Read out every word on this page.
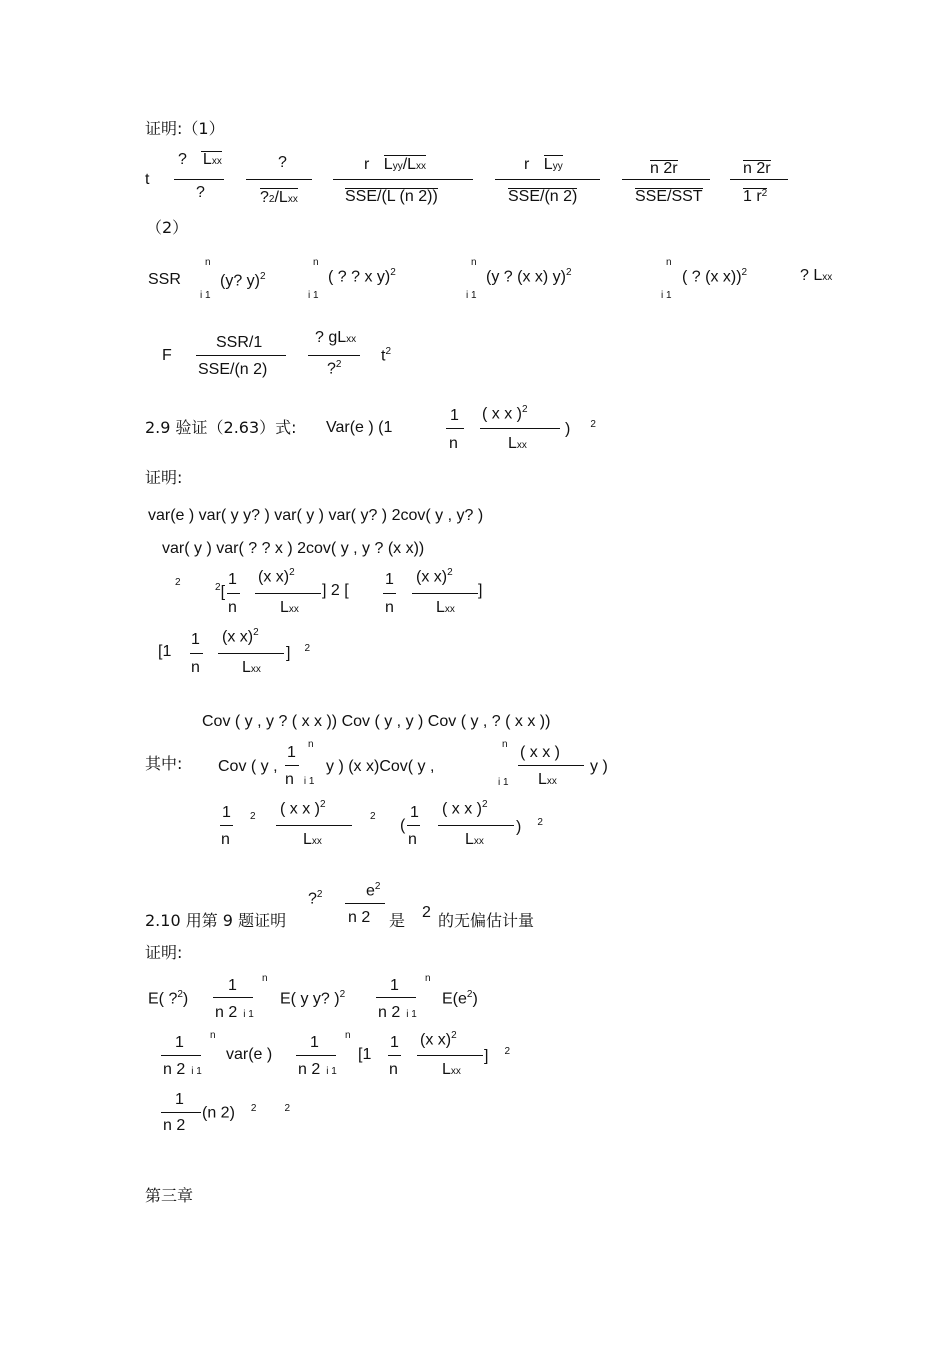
证明:（1）
t
? Lxx
?
?
?2/Lxx
r Lyy/Lxx
SSE/(L (n 2))
r Lyy
SSE/(n 2)
n 2r
SSE/SST
n 2r
1 $r^2$
（2）
SSR
n
i 1
(y? y)$^2$
n
i 1
( ? ? x y)$^2$
n
i 1
(y ? (x x) y)$^2$
n
i 1
( ? (x x))$^2$	? Lxx
F
SSR/1
SSE/(n 2)
? gLxx
?$^2$
$t^2$
2.9 验证（2.63）式: Var(e ) (1
1
n
( x x )$^2$
Lxx
) $^2$
证明:
var(e ) var( y y? ) var( y ) var( y? ) 2cov( y , y? )
var( y ) var( ? ? x ) 2cov( y , y ? (x x))
2	$^2$[
1
n
(x x)$^2$
Lxx
] 2 [
1
n
(x x)$^2$
Lxx
]
[1
1
n
(x x)$^2$
Lxx
] $^2$
Cov ( y , y ? ( x x )) Cov ( y , y ) Cov ( y , ? ( x x ))
其中: Cov ( y ,
1 n
n i 1
y ) (x x)Cov( y ,
n
i 1
( x x )
Lxx
y )
1
n
2 ( x x )$^2$
Lxx
2
(
1
n
( x x )$^2$
Lxx
) $^2$
?$^2$	$e^2$
n 2
2.10 用第 9 题证明	是 2 的无偏估计量
证明:
E( ?$^2$)
1
n 2 i 1
n
E( y y? )$^2$
1
n 2 i 1
n
$E(e^2)$
1
n 2 i 1
n
var(e )
1
n 2 i 1
n
[1
1
n
(x x)$^2$
Lxx
] $^2$
1
n 2
(n 2) $^2$	$^2$
第三章
